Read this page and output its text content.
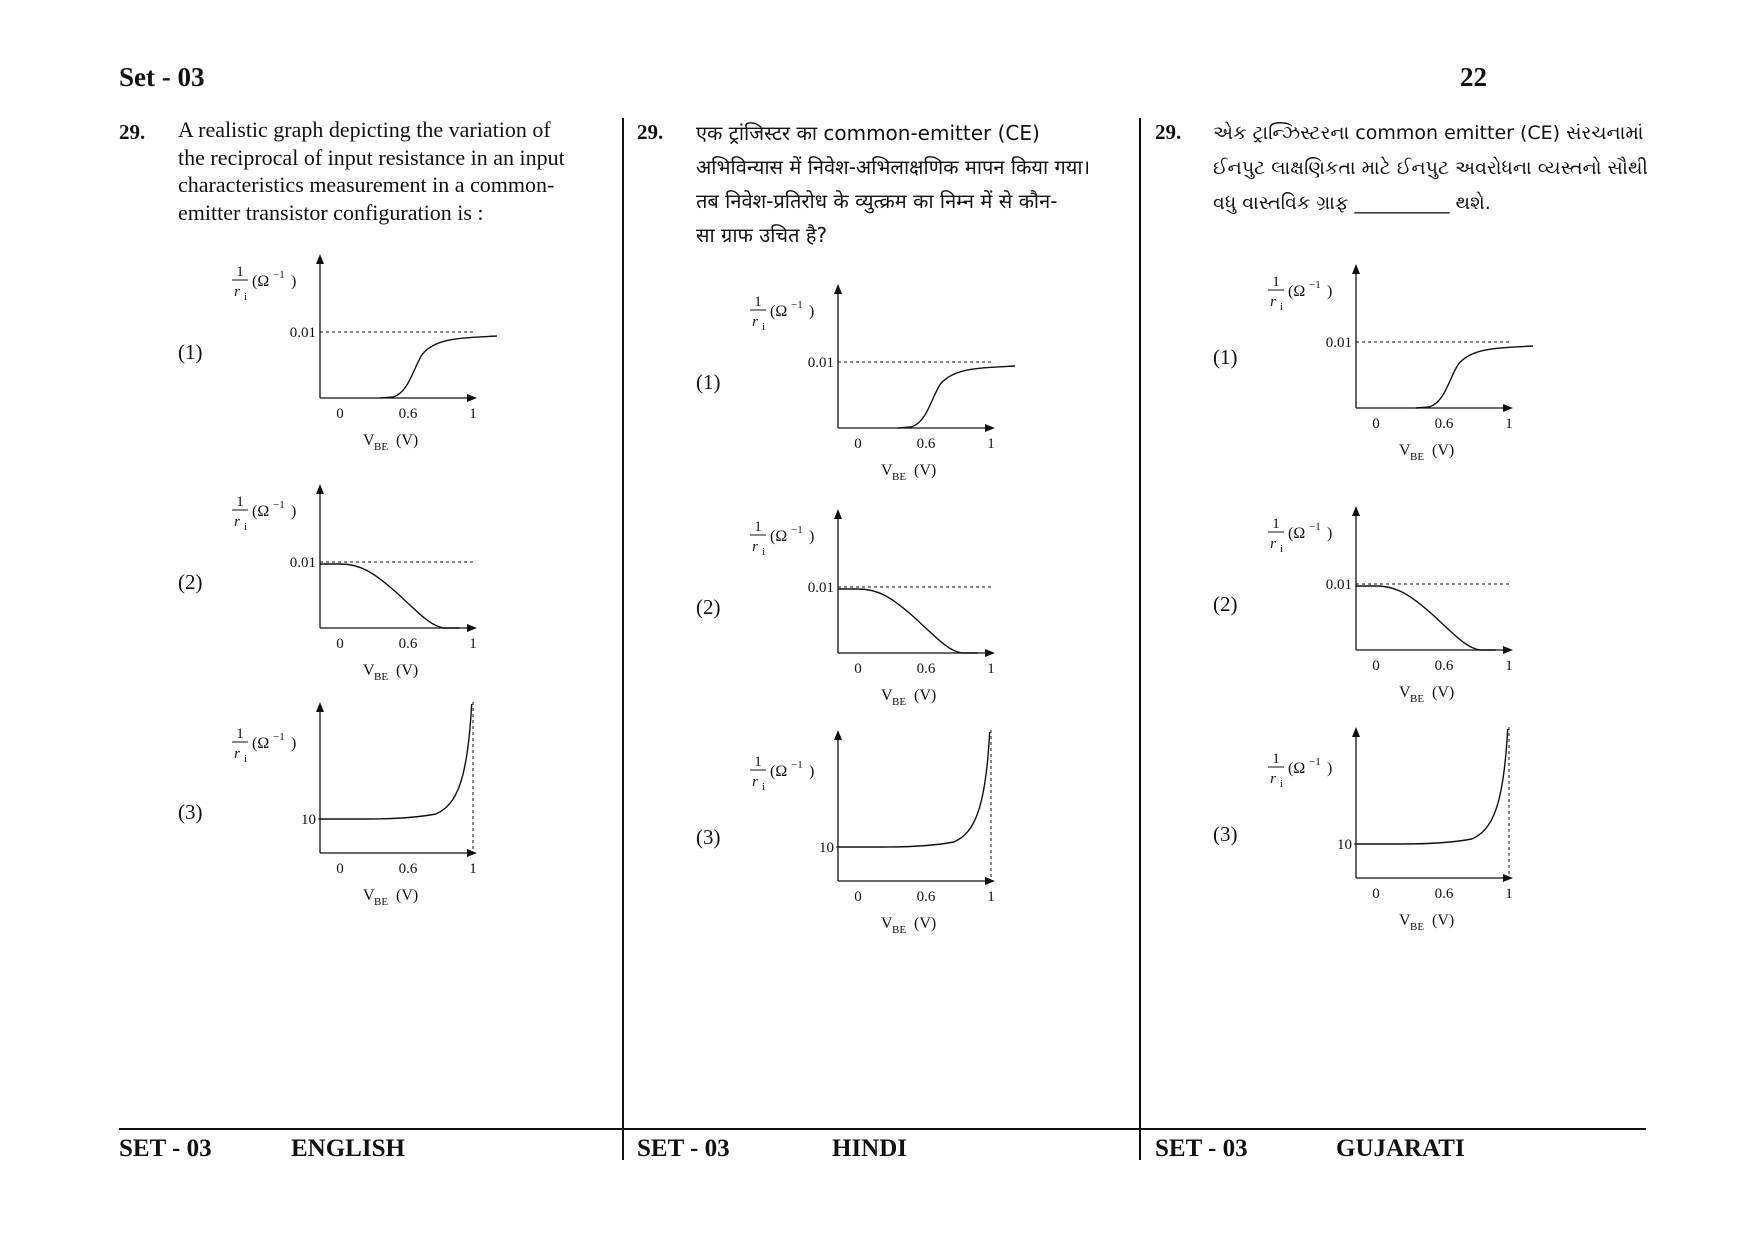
Set - 03	22
29. A realistic graph depicting the variation of
the reciprocal of input resistance in an input
characteristics measurement in a common-
emitter transistor configuration is :
(1)
(2)
(3)
1
r i
(Ω −1 )
0.01
0	0.6	1
V BE (V)
1
r i
(Ω −1 )
0.01
0	0.6	1
V BE (V)
1
r i
(Ω −1 )
10
0	0.6	1
V BE (V)
SET - 03	ENGLISH
29. एक ट्रांजिस्टर का common-emitter (CE)
अभिविन्यास में निवेश-अभिलाक्षणिक मापन किया गया।
तब निवेश-प्रतिरोध के व्युत्क्रम का निम्न में से कौन-
सा ग्राफ उचित है?
(1)
(2)
(3)
1
r i
(Ω −1 )
0.01
0	0.6	1
V BE (V)
1
r i
(Ω −1 )
0.01
0	0.6	1
V BE (V)
1
r i
(Ω −1 )
10
0	0.6	1
V BE (V)
SET - 03	HINDI
29. એક ટ્રાન્ઝિસ્ટરના common emitter (CE) સંરચનામાં
ઈનપુટ લાક્ષણિકતા માટે ઈનપુટ અવરોધના વ્યસ્તનો સૌથી
વધુ વાસ્તવિક ગ્રાફ __________ થશે.
(1)
(2)
(3)
1
r i
(Ω −1 )
0.01
0	0.6	1
V BE (V)
1
r i
(Ω −1 )
0.01
0	0.6	1
V BE (V)
1
r i
(Ω −1 )
10
0	0.6	1
V BE (V)
SET - 03	GUJARATI
